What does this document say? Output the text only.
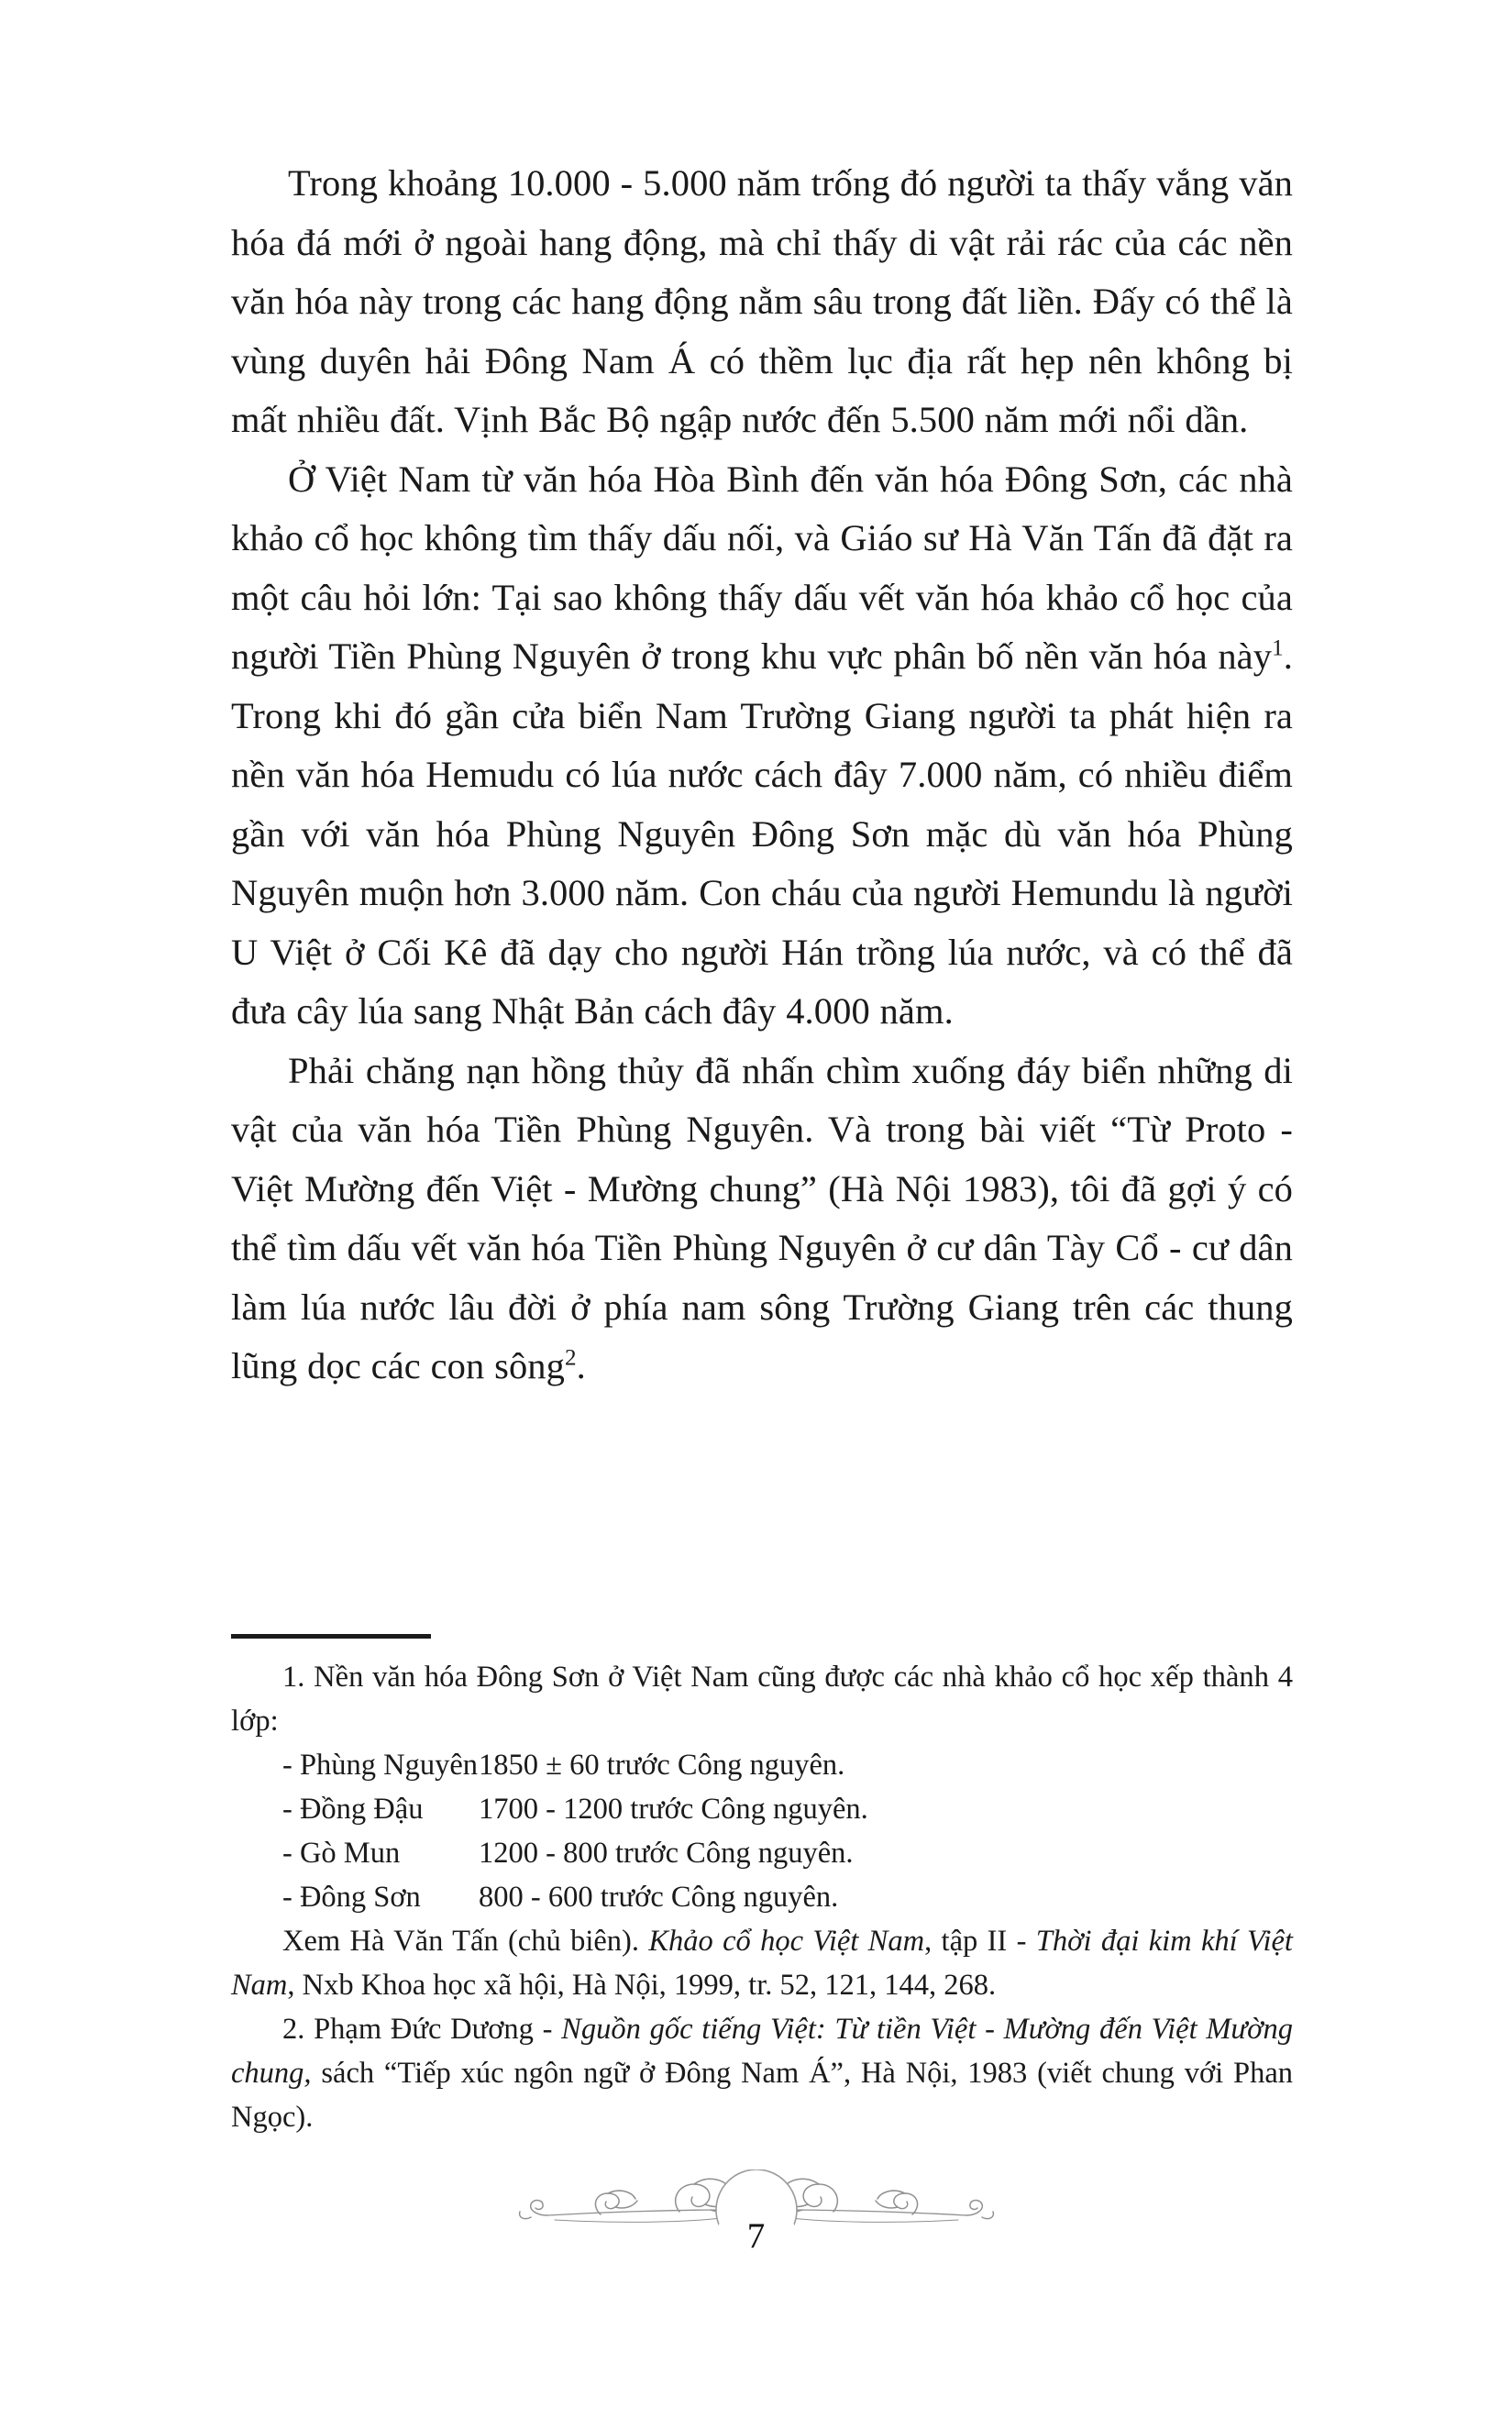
Trong khoảng 10.000 - 5.000 năm trống đó người ta thấy vắng văn hóa đá mới ở ngoài hang động, mà chỉ thấy di vật rải rác của các nền văn hóa này trong các hang động nằm sâu trong đất liền. Đấy có thể là vùng duyên hải Đông Nam Á có thềm lục địa rất hẹp nên không bị mất nhiều đất. Vịnh Bắc Bộ ngập nước đến 5.500 năm mới nổi dần.

Ở Việt Nam từ văn hóa Hòa Bình đến văn hóa Đông Sơn, các nhà khảo cổ học không tìm thấy dấu nối, và Giáo sư Hà Văn Tấn đã đặt ra một câu hỏi lớn: Tại sao không thấy dấu vết văn hóa khảo cổ học của người Tiền Phùng Nguyên ở trong khu vực phân bố nền văn hóa này$^1$. Trong khi đó gần cửa biển Nam Trường Giang người ta phát hiện ra nền văn hóa Hemudu có lúa nước cách đây 7.000 năm, có nhiều điểm gần với văn hóa Phùng Nguyên Đông Sơn mặc dù văn hóa Phùng Nguyên muộn hơn 3.000 năm. Con cháu của người Hemundu là người U Việt ở Cối Kê đã dạy cho người Hán trồng lúa nước, và có thể đã đưa cây lúa sang Nhật Bản cách đây 4.000 năm.

Phải chăng nạn hồng thủy đã nhấn chìm xuống đáy biển những di vật của văn hóa Tiền Phùng Nguyên. Và trong bài viết “Từ Proto - Việt Mường đến Việt - Mường chung” (Hà Nội 1983), tôi đã gợi ý có thể tìm dấu vết văn hóa Tiền Phùng Nguyên ở cư dân Tày Cổ - cư dân làm lúa nước lâu đời ở phía nam sông Trường Giang trên các thung lũng dọc các con sông$^2$.

1. Nền văn hóa Đông Sơn ở Việt Nam cũng được các nhà khảo cổ học xếp thành 4 lớp:

- Phùng Nguyên 1850 ± 60 trước Công nguyên.
- Đồng Đậu	1700 - 1200 trước Công nguyên.
- Gò Mun	1200 - 800 trước Công nguyên.
- Đông Sơn	800 - 600 trước Công nguyên.

Xem Hà Văn Tấn (chủ biên). Khảo cổ học Việt Nam, tập II - Thời đại kim khí Việt Nam, Nxb Khoa học xã hội, Hà Nội, 1999, tr. 52, 121, 144, 268.

2. Phạm Đức Dương - Nguồn gốc tiếng Việt: Từ tiền Việt - Mường đến Việt Mường chung, sách “Tiếp xúc ngôn ngữ ở Đông Nam Á”, Hà Nội, 1983 (viết chung với Phan Ngọc).

7
